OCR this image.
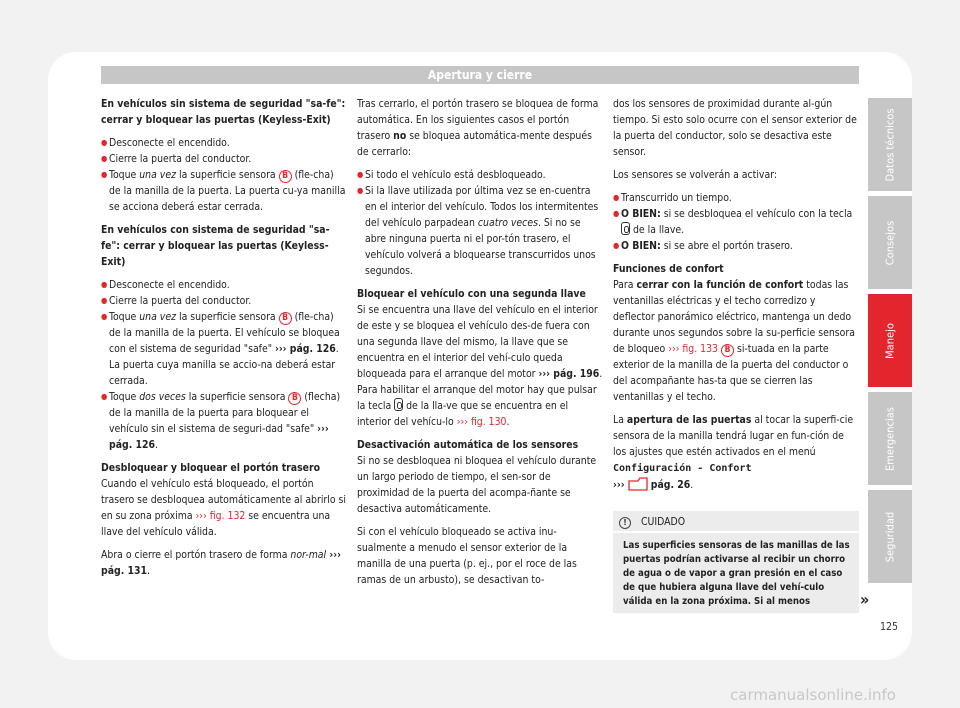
Apertura y cierre

En vehículos sin sistema de seguridad "sa-fe": cerrar y bloquear las puertas (Keyless-Exit)

● Desconecte el encendido.

● Cierre la puerta del conductor.

● Toque una vez la superficie sensora B (fle-cha) de la manilla de la puerta. La puerta cu-ya manilla se acciona deberá estar cerrada.

En vehículos con sistema de seguridad "sa-fe": cerrar y bloquear las puertas (Keyless-Exit)

● Desconecte el encendido.

● Cierre la puerta del conductor.

● Toque una vez la superficie sensora B (fle-cha) de la manilla de la puerta. El vehículo se bloquea con el sistema de seguridad "safe" ››› pág. 126. La puerta cuya manilla se accio-na deberá estar cerrada.

● Toque dos veces la superficie sensora B (flecha) de la manilla de la puerta para bloquear el vehículo sin el sistema de seguri-dad "safe" ››› pág. 126.

Desbloquear y bloquear el portón trasero

Cuando el vehículo está bloqueado, el portón trasero se desbloquea automáticamente al abrirlo si en su zona próxima ››› fig. 132 se encuentra una llave del vehículo válida.

Abra o cierre el portón trasero de forma nor-mal ››› pág. 131.

Tras cerrarlo, el portón trasero se bloquea de forma automática. En los siguientes casos el portón trasero no se bloquea automática-mente después de cerrarlo:

● Si todo el vehículo está desbloqueado.

● Si la llave utilizada por última vez se en-cuentra en el interior del vehículo. Todos los intermitentes del vehículo parpadean cuatro veces. Si no se abre ninguna puerta ni el por-tón trasero, el vehículo volverá a bloquearse transcurridos unos segundos.

Bloquear el vehículo con una segunda llave

Si se encuentra una llave del vehículo en el interior de este y se bloquea el vehículo des-de fuera con una segunda llave del mismo, la llave que se encuentra en el interior del vehí-culo queda bloqueada para el arranque del motor ››› pág. 196. Para habilitar el arranque del motor hay que pulsar la tecla  de la lla-ve que se encuentra en el interior del vehícu-lo ››› fig. 130.

Desactivación automática de los sensores

Si no se desbloquea ni bloquea el vehículo durante un largo periodo de tiempo, el sen-sor de proximidad de la puerta del acompa-ñante se desactiva automáticamente.

Si con el vehículo bloqueado se activa inu-sualmente a menudo el sensor exterior de la manilla de una puerta (p. ej., por el roce de las ramas de un arbusto), se desactivan to-

dos los sensores de proximidad durante al-gún tiempo. Si esto solo ocurre con el sensor exterior de la puerta del conductor, solo se desactiva este sensor.

Los sensores se volverán a activar:

● Transcurrido un tiempo.

● O BIEN: si se desbloquea el vehículo con la tecla  de la llave.

● O BIEN: si se abre el portón trasero.

Funciones de confort

Para cerrar con la función de confort todas las ventanillas eléctricas y el techo corredizo y deflector panorámico eléctrico, mantenga un dedo durante unos segundos sobre la su-perficie sensora de bloqueo ››› fig. 133 B si-tuada en la parte exterior de la manilla de la puerta del conductor o del acompañante has-ta que se cierren las ventanillas y el techo.

La apertura de las puertas al tocar la superfi-cie sensora de la manilla tendrá lugar en fun-ción de los ajustes que estén activados en el menú Configuración - Confort
›››  pág. 26.

! CUIDADO
Las superficies sensoras de las manillas de las puertas podrían activarse al recibir un chorro de agua o de vapor a gran presión en el caso de que hubiera alguna llave del vehí-culo válida en la zona próxima. Si al menos	»
Datos técnicos
Consejos
Manejo
Emergencias
Seguridad
125
carmanualsonline.info
